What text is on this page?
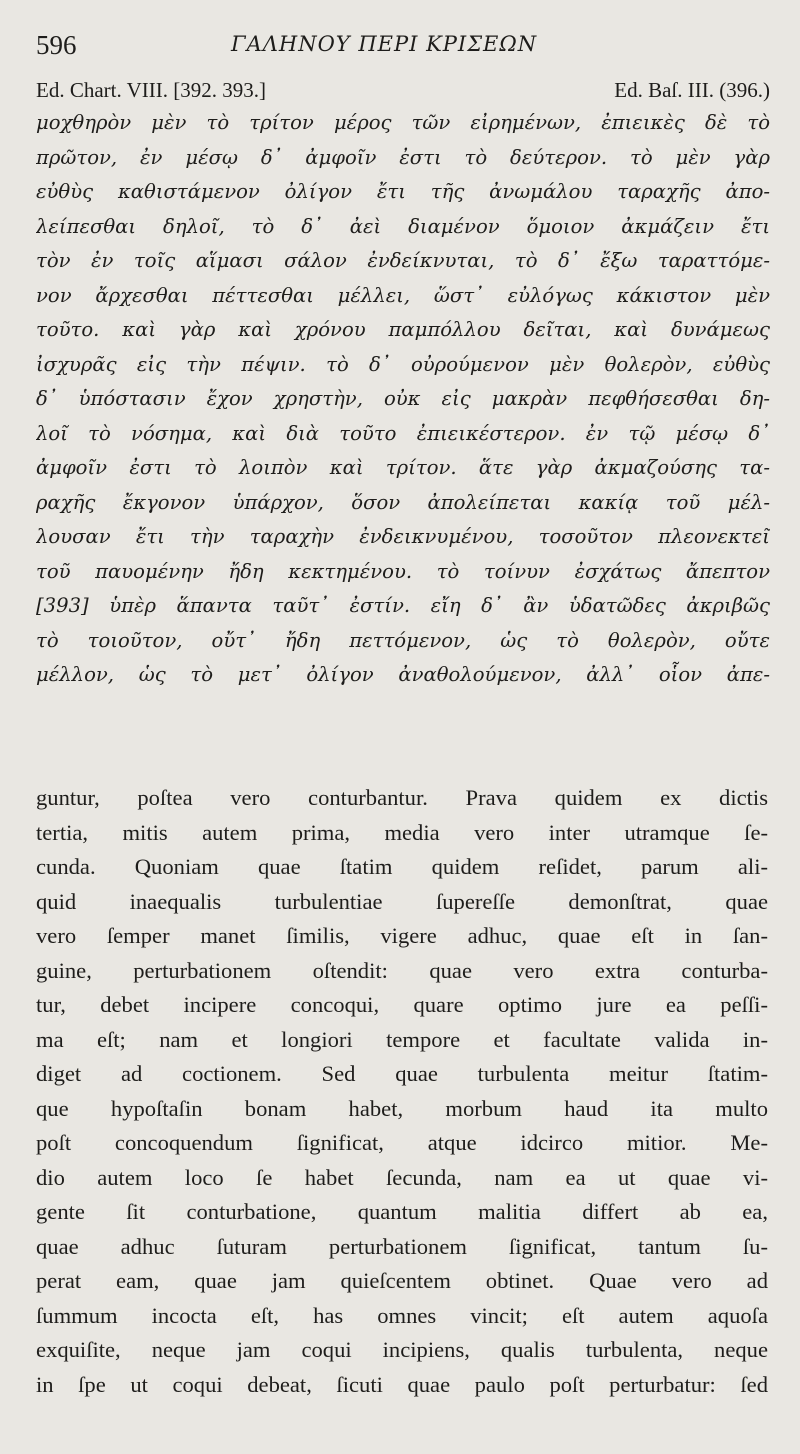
596	ΓΑΛΗΝΟΥ ΠΕΡΙ ΚΡΙΣΕΩΝ
Ed. Chart. VIII. [392. 393.]	Ed. Baſ. III. (396.)
μοχθηρὸν μὲν τὸ τρίτον μέρος τῶν εἰρημένων, ἐπιεικὲς δὲ τὸ
πρῶτον, ἐν μέσῳ δ᾽ ἀμφοῖν ἐστι τὸ δεύτερον. τὸ μὲν γὰρ
εὐθὺς καθιστάμενον ὀλίγον ἔτι τῆς ἀνωμάλου ταραχῆς ἀπο-
λείπεσθαι δηλοῖ, τὸ δ᾽ ἀεὶ διαμένον ὅμοιον ἀκμάζειν ἔτι
τὸν ἐν τοῖς αἵμασι σάλον ἐνδείκνυται, τὸ δ᾽ ἔξω ταραττόμε-
νον ἄρχεσθαι πέττεσθαι μέλλει, ὥστ᾽ εὐλόγως κάκιστον μὲν
τοῦτο. καὶ γὰρ καὶ χρόνου παμπόλλου δεῖται, καὶ δυνάμεως
ἰσχυρᾶς εἰς τὴν πέψιν. τὸ δ᾽ οὐρούμενον μὲν θολερὸν, εὐθὺς
δ᾽ ὑπόστασιν ἔχον χρηστὴν, οὐκ εἰς μακρὰν πεφθήσεσθαι δη-
λοῖ τὸ νόσημα, καὶ διὰ τοῦτο ἐπιεικέστερον. ἐν τῷ μέσῳ δ᾽
ἀμφοῖν ἐστι τὸ λοιπὸν καὶ τρίτον. ἅτε γὰρ ἀκμαζούσης τα-
ραχῆς ἔκγονον ὑπάρχον, ὅσον ἀπολείπεται κακίᾳ τοῦ μέλ-
λουσαν ἔτι τὴν ταραχὴν ἐνδεικνυμένου, τοσοῦτον πλεονεκτεῖ
τοῦ παυομένην ἤδη κεκτημένου. τὸ τοίνυν ἐσχάτως ἄπεπτον
[393] ὑπὲρ ἅπαντα ταῦτ᾽ ἐστίν. εἴη δ᾽ ἂν ὑδατῶδες ἀκριβῶς
τὸ τοιοῦτον, οὔτ᾽ ἤδη πεττόμενον, ὡς τὸ θολερὸν, οὔτε
μέλλον, ὡς τὸ μετ᾽ ὀλίγον ἀναθολούμενον, ἀλλ᾽ οἷον ἀπε-
guntur, poſtea vero conturbantur. Prava quidem ex dictis
tertia, mitis autem prima, media vero inter utramque ſe-
cunda. Quoniam quae ſtatim quidem reſidet, parum ali-
quid inaequalis turbulentiae ſupereſſe demonſtrat, quae
vero ſemper manet ſimilis, vigere adhuc, quae eſt in ſan-
guine, perturbationem oſtendit: quae vero extra conturba-
tur, debet incipere concoqui, quare optimo jure ea peſſi-
ma eſt; nam et longiori tempore et facultate valida in-
diget ad coctionem. Sed quae turbulenta meitur ſtatim-
que hypoſtaſin bonam habet, morbum haud ita multo
poſt concoquendum ſignificat, atque idcirco mitior. Me-
dio autem loco ſe habet ſecunda, nam ea ut quae vi-
gente ſit conturbatione, quantum malitia differt ab ea,
quae adhuc ſuturam perturbationem ſignificat, tantum ſu-
perat eam, quae jam quieſcentem obtinet. Quae vero ad
ſummum incocta eſt, has omnes vincit; eſt autem aquoſa
exquiſite, neque jam coqui incipiens, qualis turbulenta, neque
in ſpe ut coqui debeat, ſicuti quae paulo poſt perturbatur: ſed
